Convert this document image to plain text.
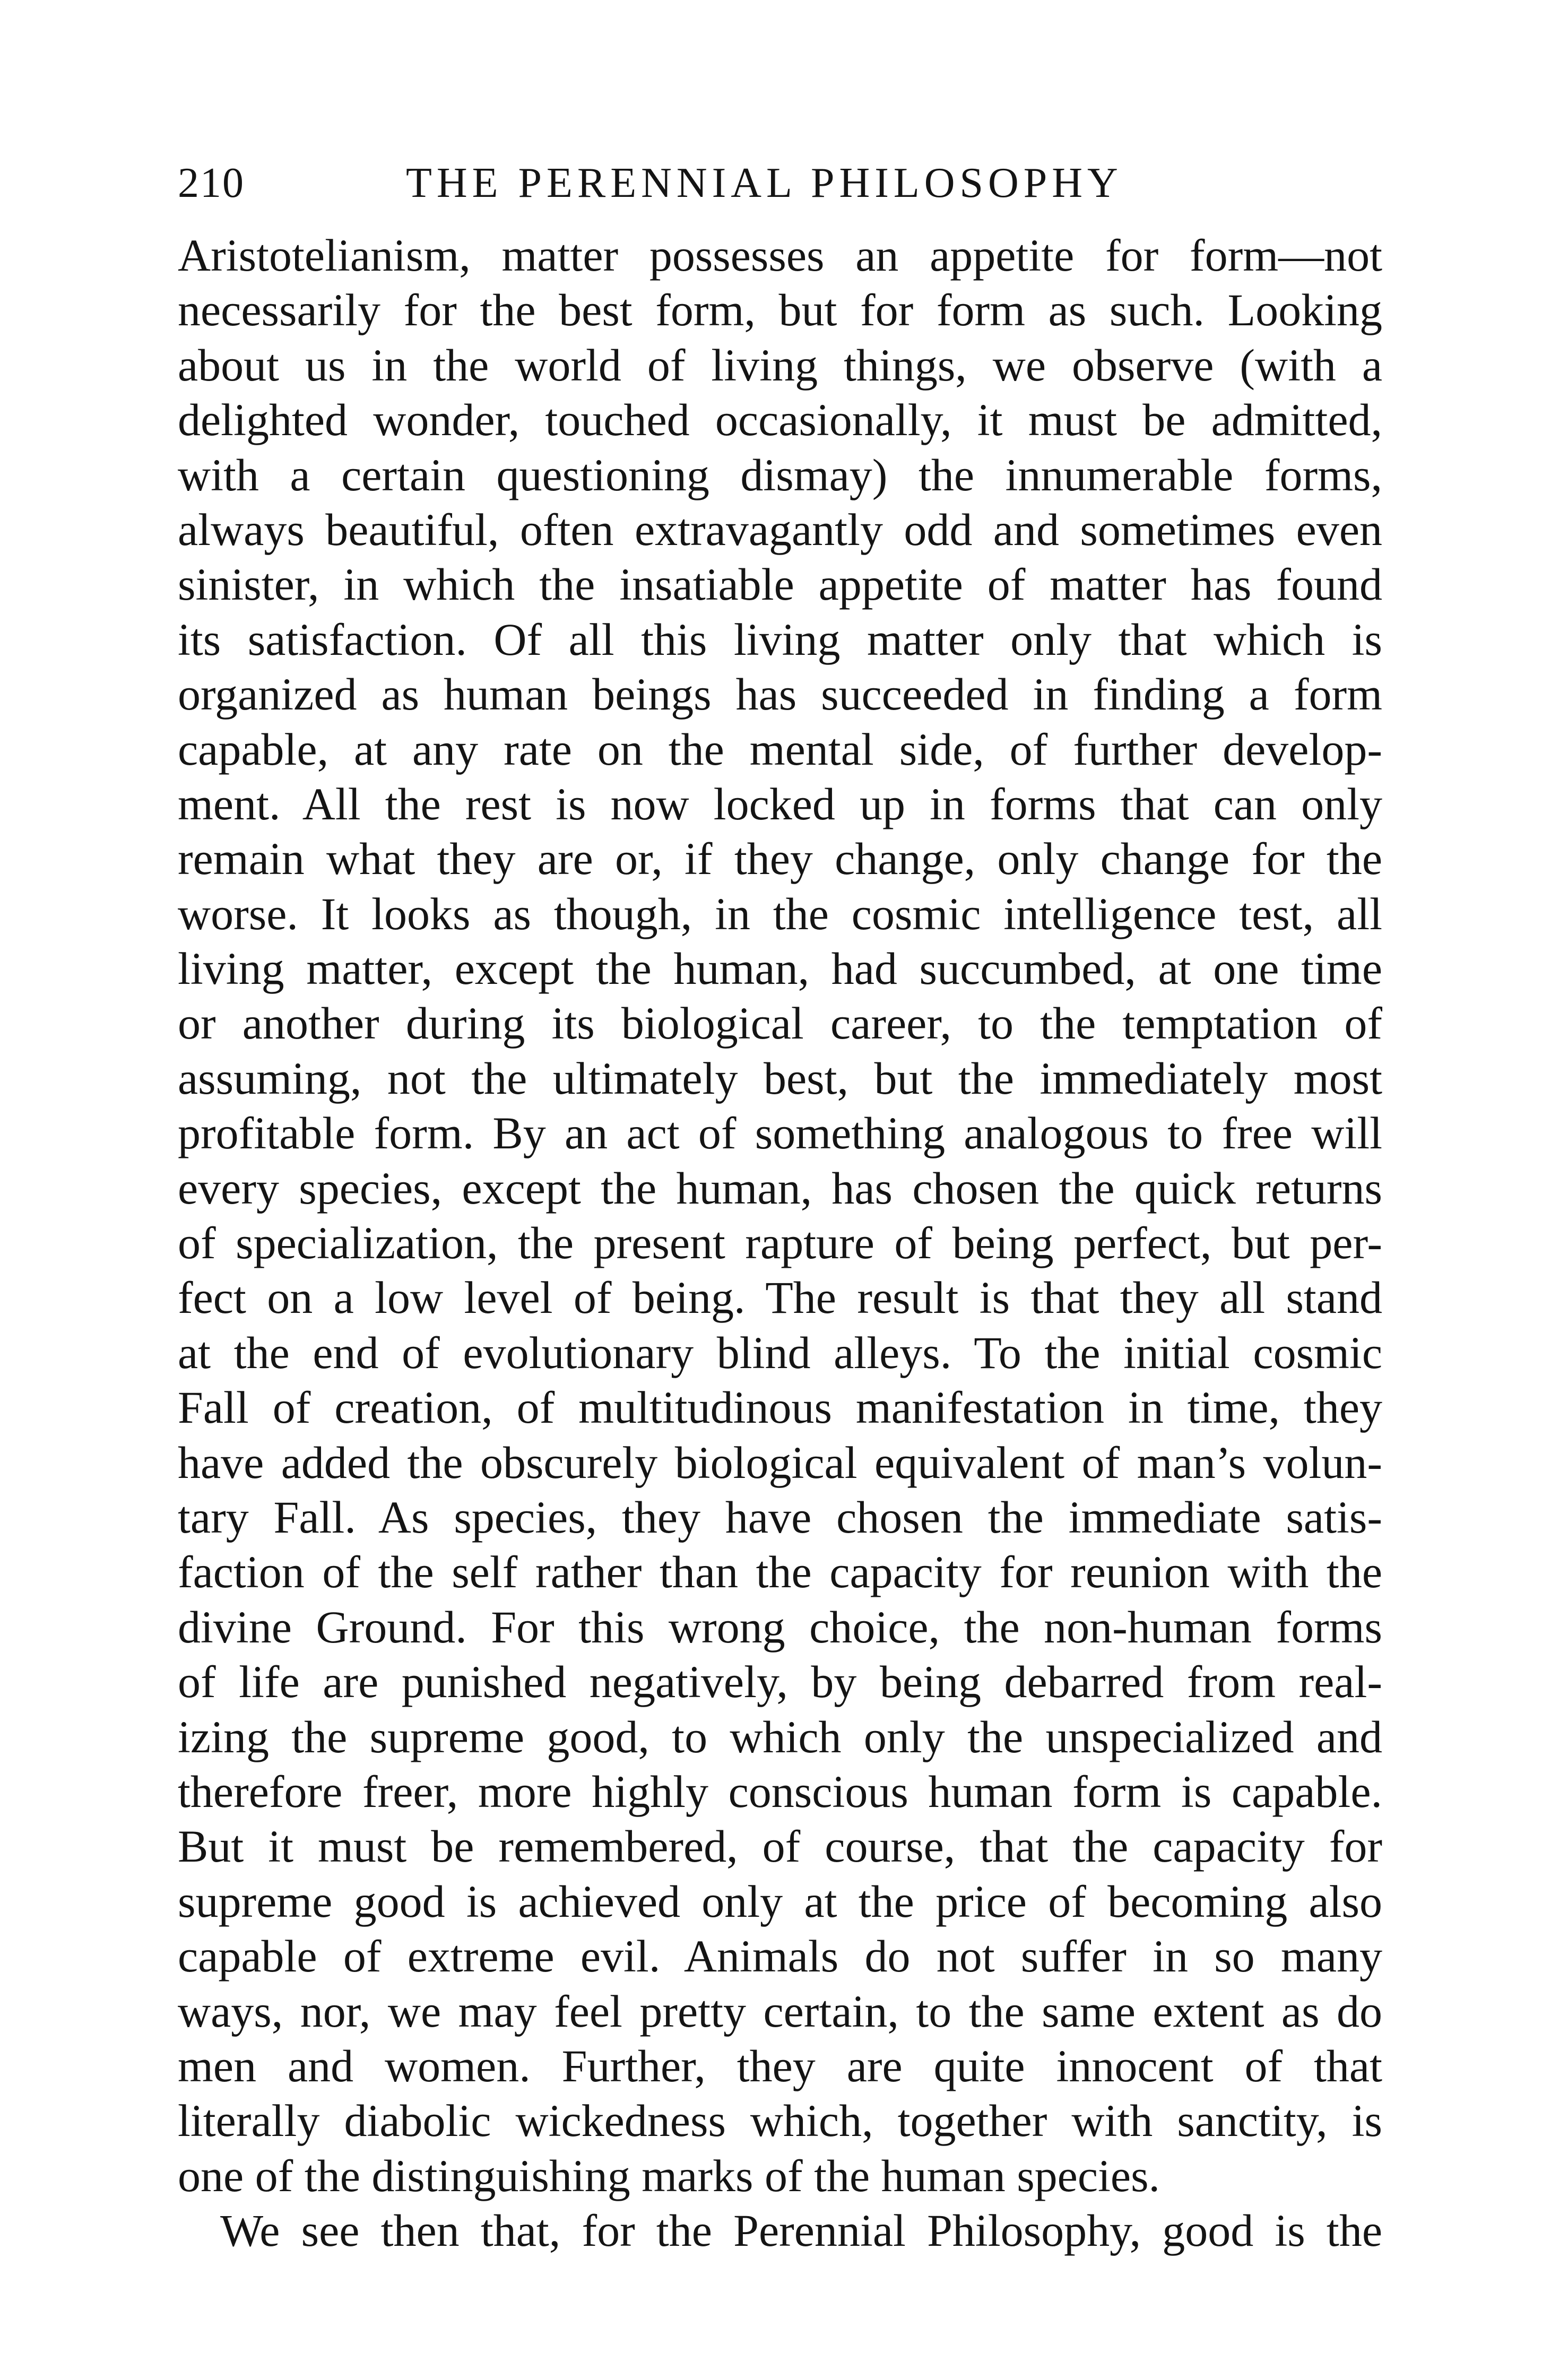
210	THE PERENNIAL PHILOSOPHY
Aristotelianism, matter possesses an appetite for form—not
necessarily for the best form, but for form as such. Looking
about us in the world of living things, we observe (with a
delighted wonder, touched occasionally, it must be admitted,
with a certain questioning dismay) the innumerable forms,
always beautiful, often extravagantly odd and sometimes even
sinister, in which the insatiable appetite of matter has found
its satisfaction. Of all this living matter only that which is
organized as human beings has succeeded in finding a form
capable, at any rate on the mental side, of further develop-
ment. All the rest is now locked up in forms that can only
remain what they are or, if they change, only change for the
worse. It looks as though, in the cosmic intelligence test, all
living matter, except the human, had succumbed, at one time
or another during its biological career, to the temptation of
assuming, not the ultimately best, but the immediately most
profitable form. By an act of something analogous to free will
every species, except the human, has chosen the quick returns
of specialization, the present rapture of being perfect, but per-
fect on a low level of being. The result is that they all stand
at the end of evolutionary blind alleys. To the initial cosmic
Fall of creation, of multitudinous manifestation in time, they
have added the obscurely biological equivalent of man’s volun-
tary Fall. As species, they have chosen the immediate satis-
faction of the self rather than the capacity for reunion with the
divine Ground. For this wrong choice, the non-human forms
of life are punished negatively, by being debarred from real-
izing the supreme good, to which only the unspecialized and
therefore freer, more highly conscious human form is capable.
But it must be remembered, of course, that the capacity for
supreme good is achieved only at the price of becoming also
capable of extreme evil. Animals do not suffer in so many
ways, nor, we may feel pretty certain, to the same extent as do
men and women. Further, they are quite innocent of that
literally diabolic wickedness which, together with sanctity, is
one of the distinguishing marks of the human species.
We see then that, for the Perennial Philosophy, good is the
